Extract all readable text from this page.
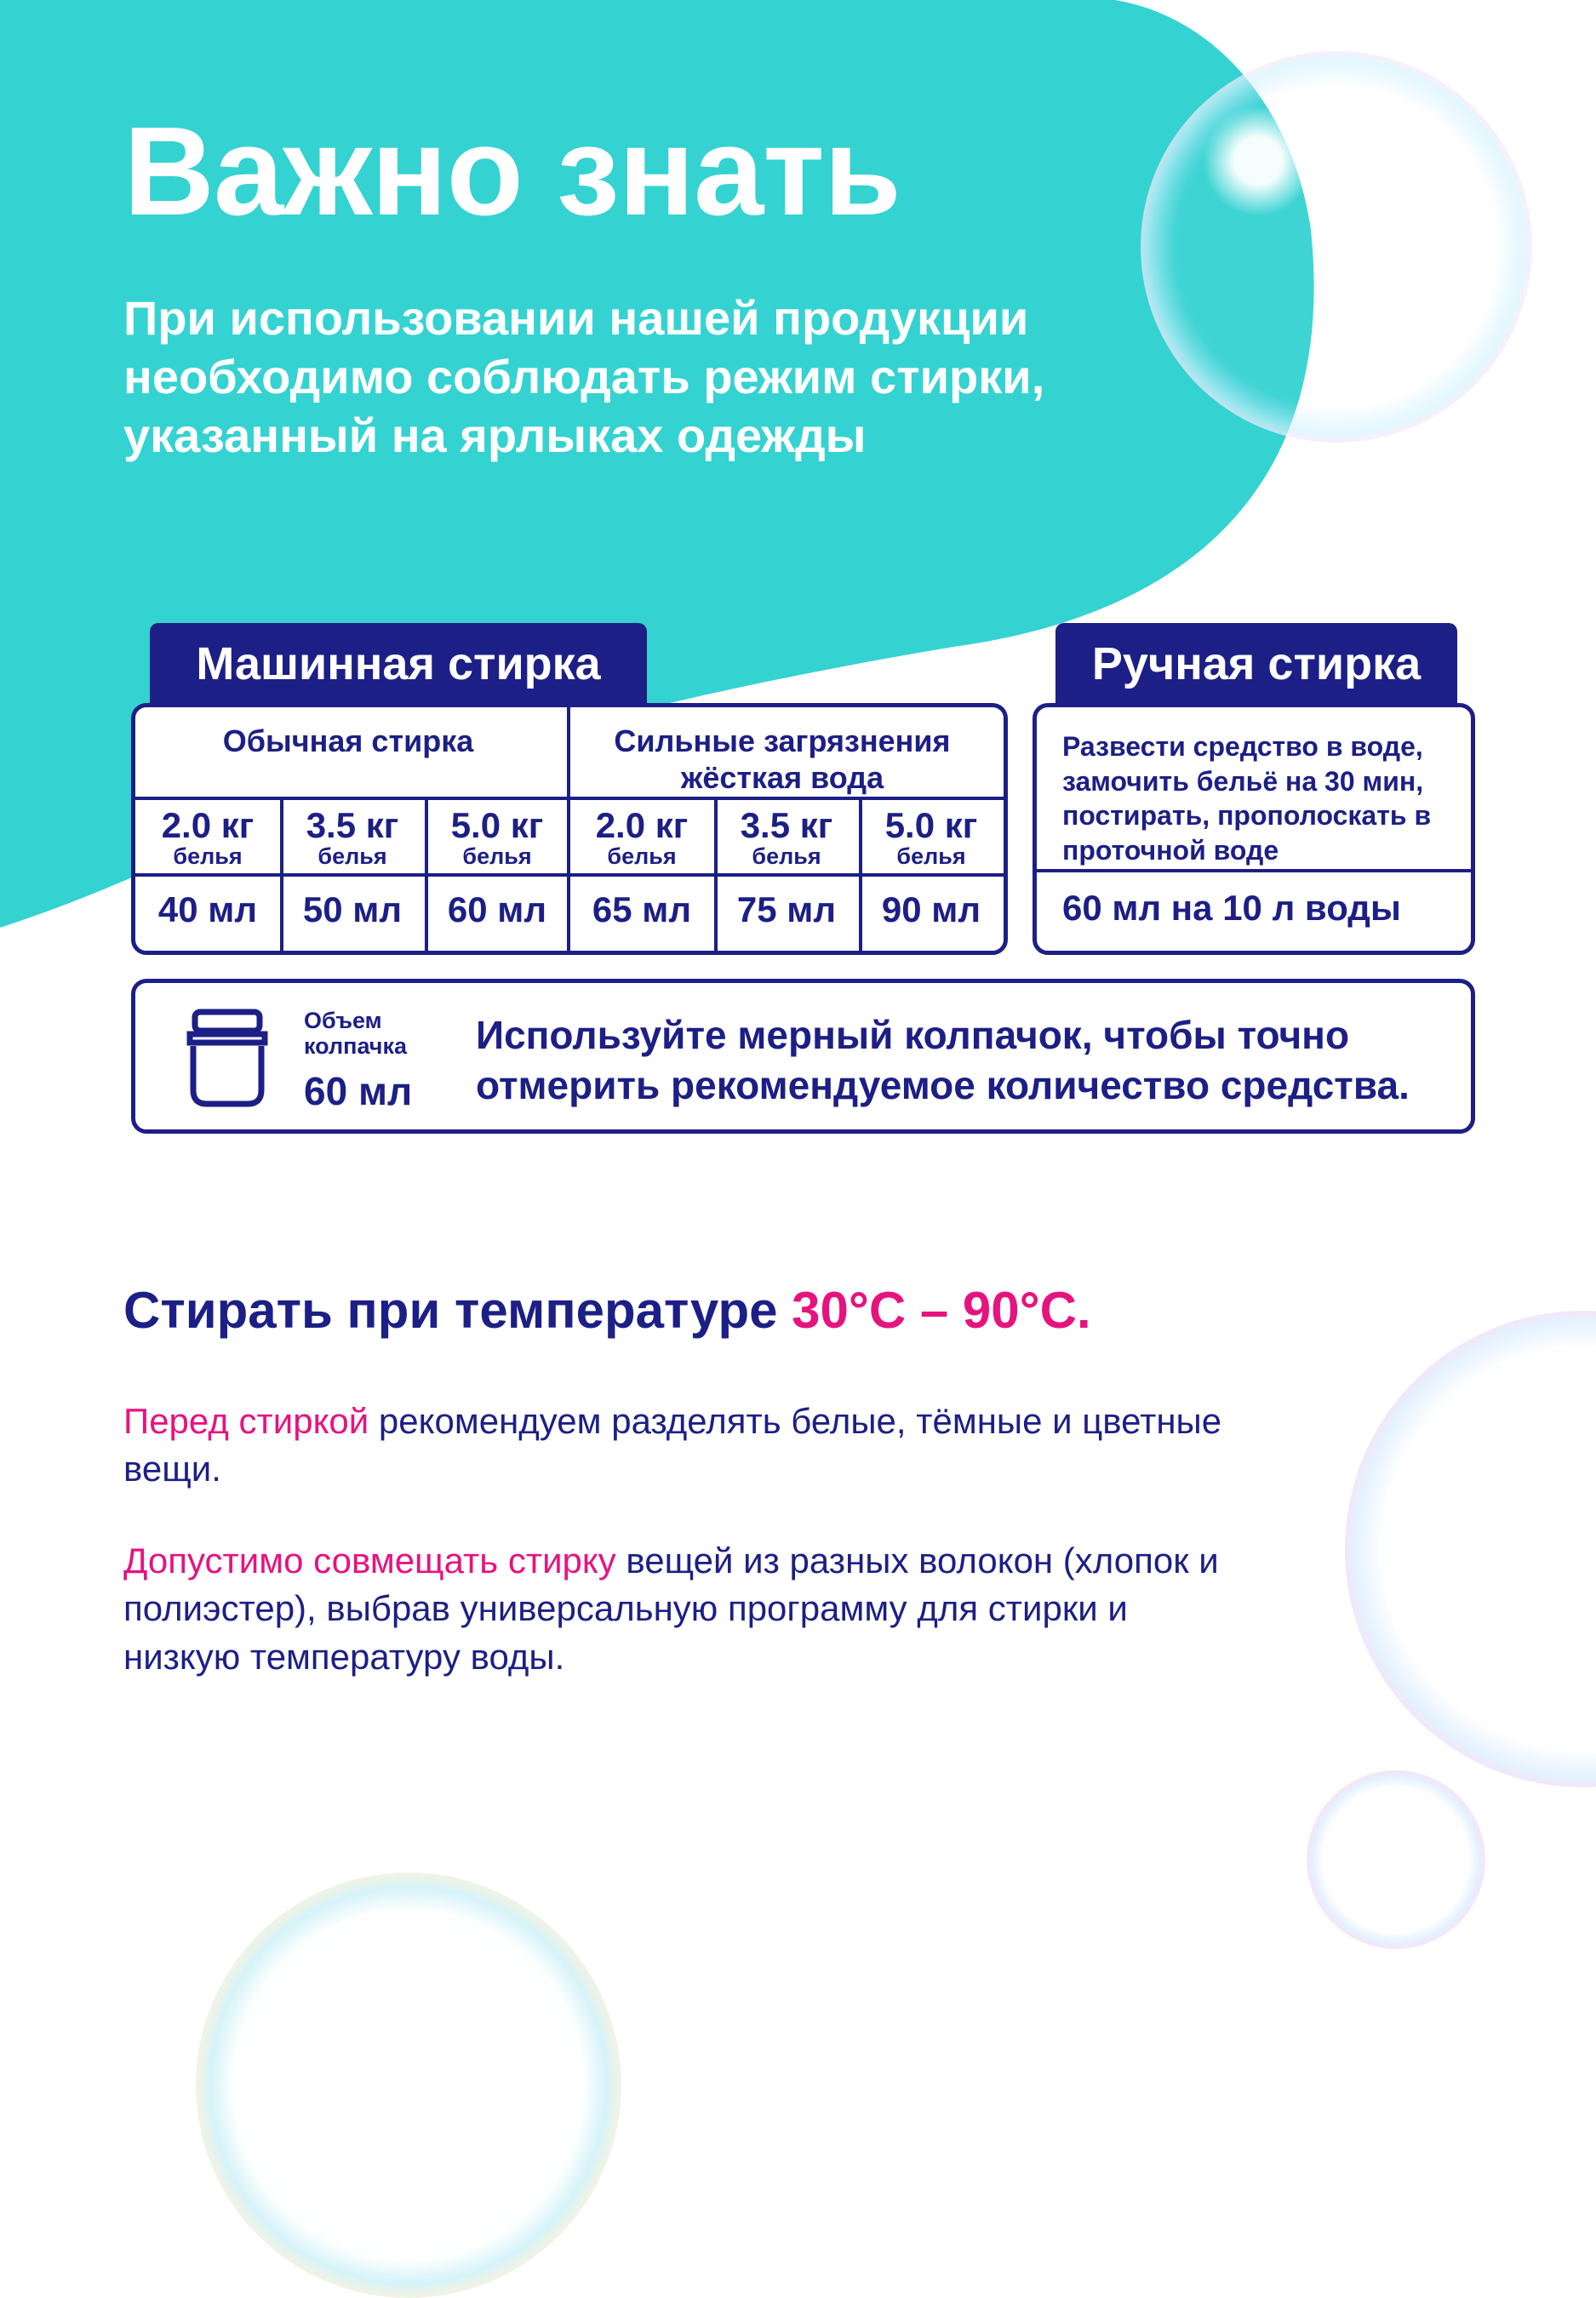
Важно знать
При использовании нашей продукции необходимо соблюдать режим стирки, указанный на ярлыках одежды
Машинная стирка
Обычная стирка	Сильные загрязнения жёсткая вода
2.0 кг
белья
40 мл
3.5 кг
белья
50 мл
5.0 кг
белья
60 мл
2.0 кг
белья
65 мл
3.5 кг
белья
75 мл
5.0 кг
белья
90 мл
Ручная стирка
Развести средство в воде, замочить бельё на 30 мин, постирать, прополоскать в проточной воде
60 мл на 10 л воды
Объем колпачка
60 мл
Используйте мерный колпачок, чтобы точно отмерить рекомендуемое количество средства.
Стирать при температуре 30°C – 90°C.
Перед стиркой рекомендуем разделять белые, тёмные и цветные вещи.
Допустимо совмещать стирку вещей из разных волокон (хлопок и полиэстер), выбрав универсальную программу для стирки и низкую температуру воды.
